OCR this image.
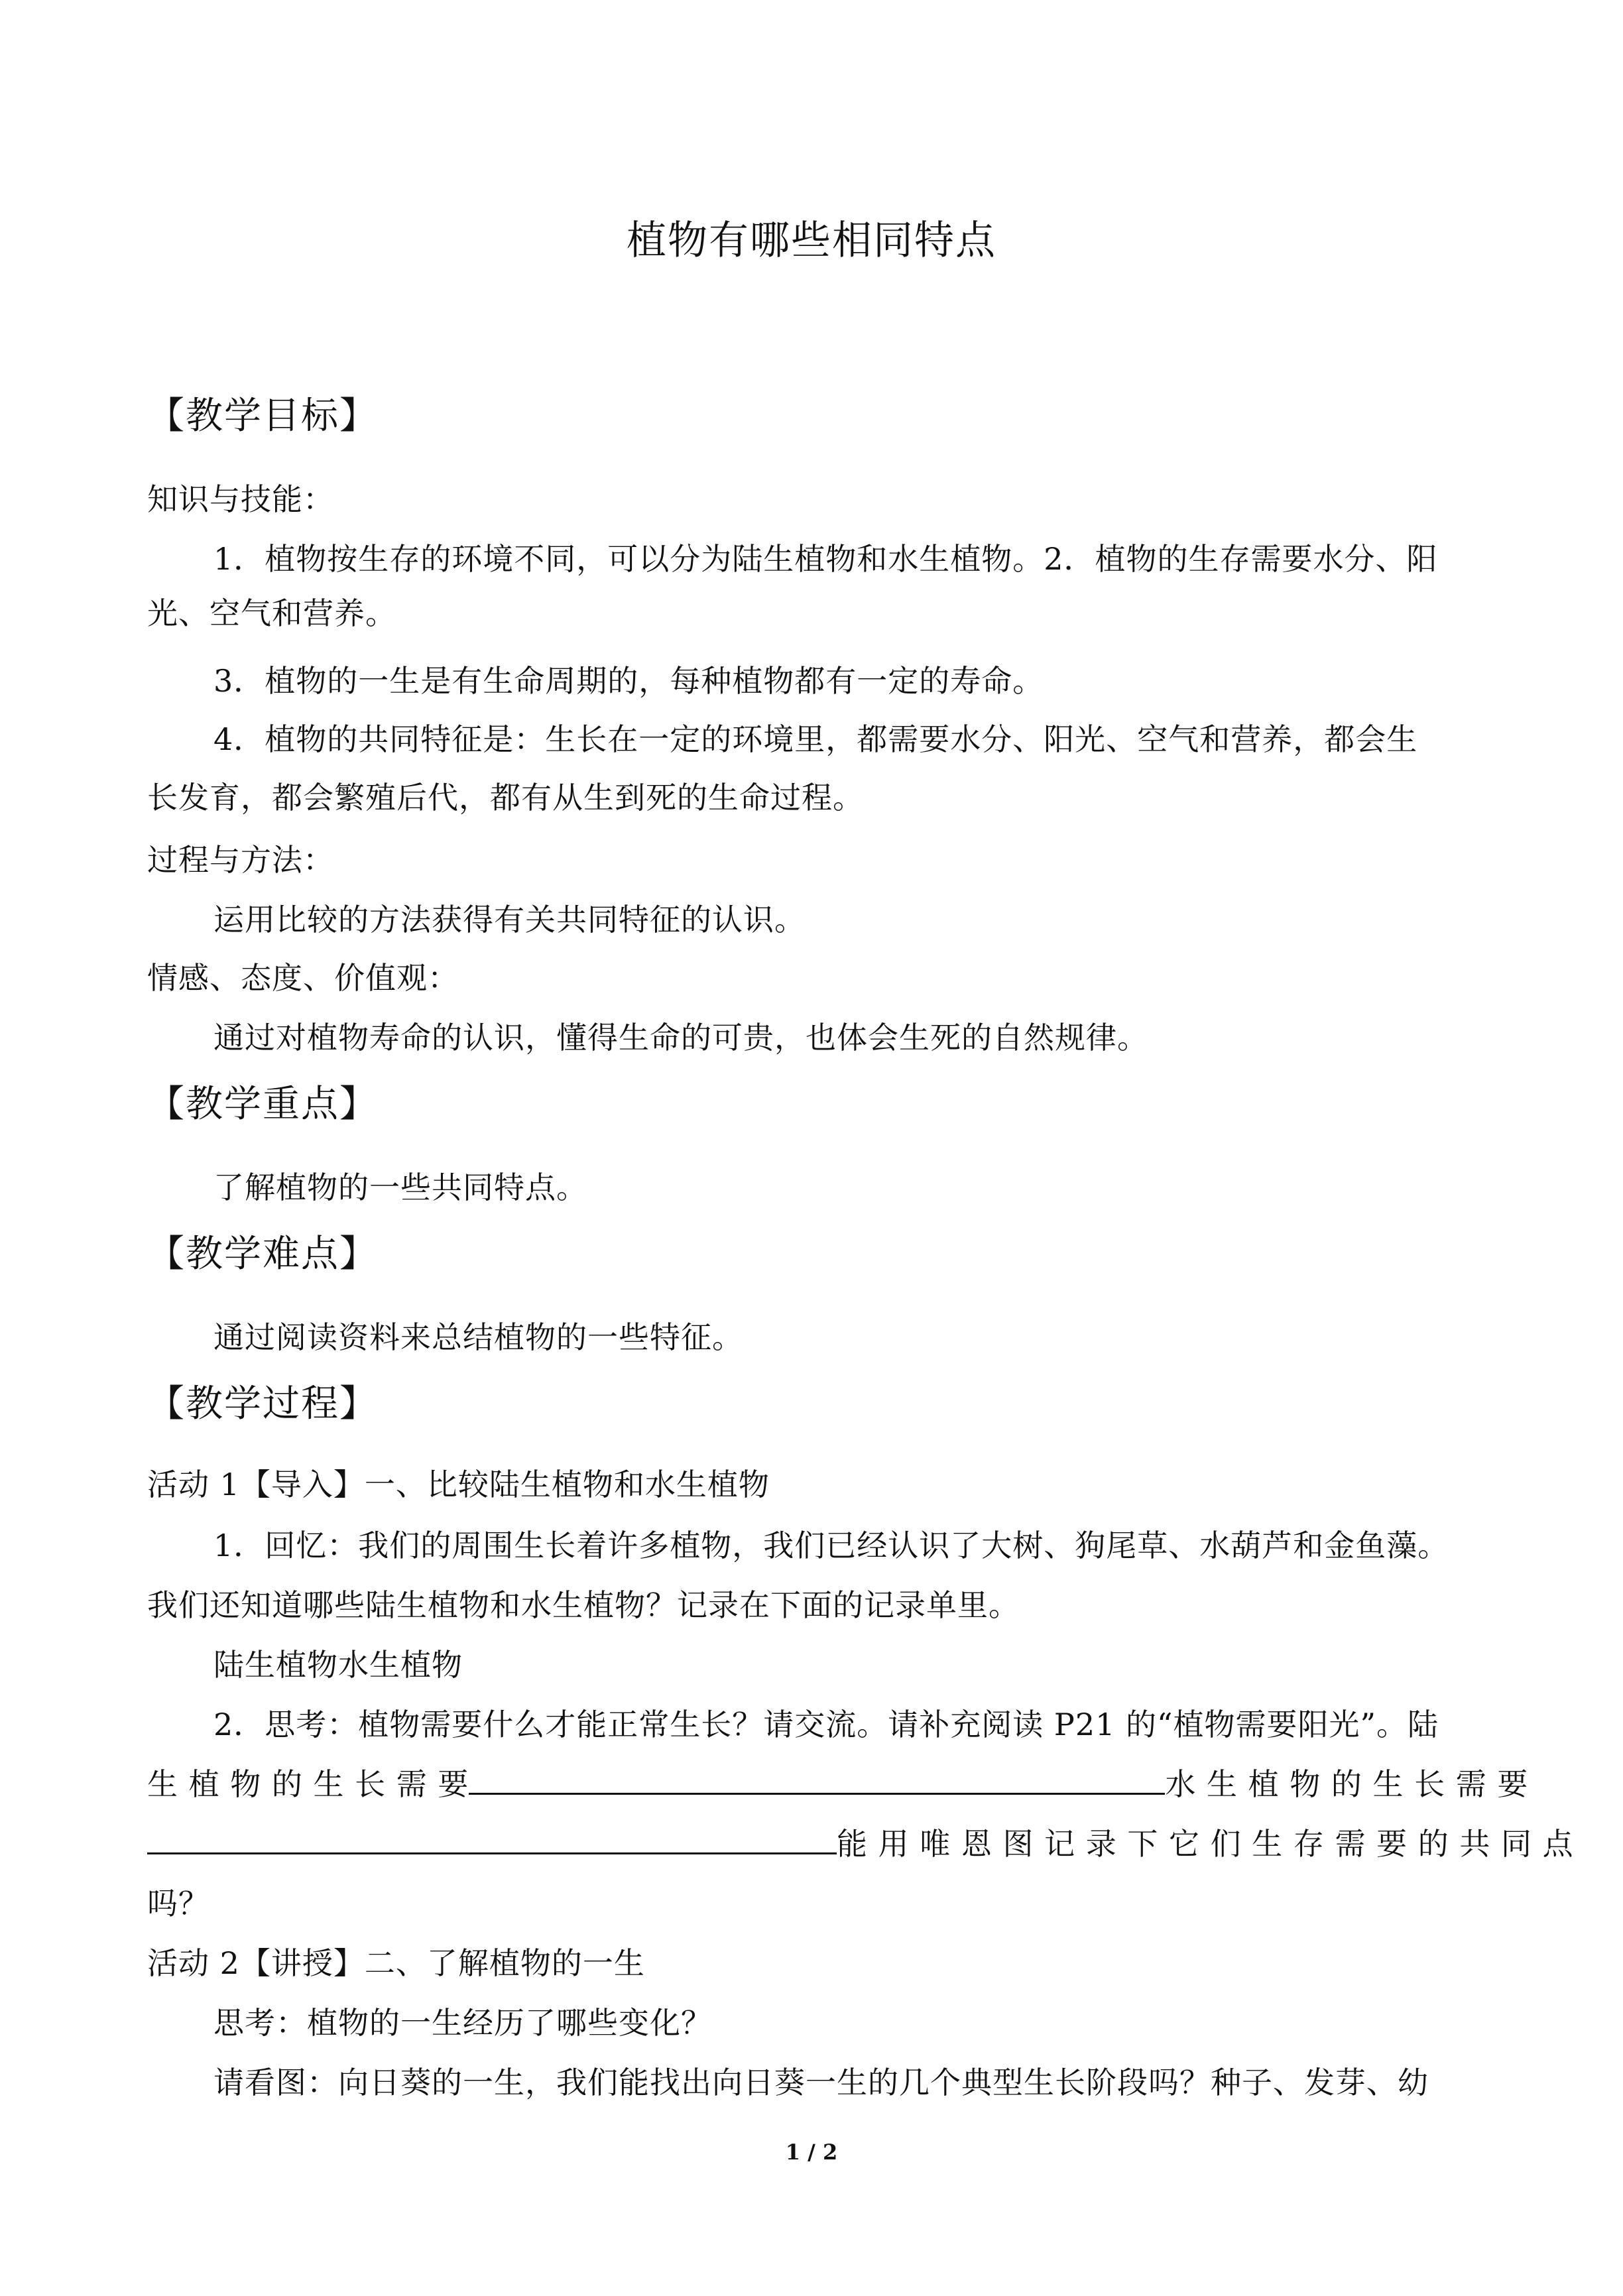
植物有哪些相同特点
【教学目标】
知识与技能：
1．植物按生存的环境不同，可以分为陆生植物和水生植物。2．植物的生存需要水分、阳
光、空气和营养。
3．植物的一生是有生命周期的，每种植物都有一定的寿命。
4．植物的共同特征是：生长在一定的环境里，都需要水分、阳光、空气和营养，都会生
长发育，都会繁殖后代，都有从生到死的生命过程。
过程与方法：
运用比较的方法获得有关共同特征的认识。
情感、态度、价值观：
通过对植物寿命的认识，懂得生命的可贵，也体会生死的自然规律。
【教学重点】
了解植物的一些共同特点。
【教学难点】
通过阅读资料来总结植物的一些特征。
【教学过程】
活动 1【导入】一、比较陆生植物和水生植物
1．回忆：我们的周围生长着许多植物，我们已经认识了大树、狗尾草、水葫芦和金鱼藻。
我们还知道哪些陆生植物和水生植物？记录在下面的记录单里。
陆生植物水生植物
2．思考：植物需要什么才能正常生长？请交流。请补充阅读 P21 的“植物需要阳光”。陆
生 植 物 的 生 长 需 要	水 生 植 物 的 生 长 需 要
能 用 唯 恩 图 记 录 下 它 们 生 存 需 要 的 共 同 点
吗？
活动 2【讲授】二、了解植物的一生
思考：植物的一生经历了哪些变化？
请看图：向日葵的一生，我们能找出向日葵一生的几个典型生长阶段吗？种子、发芽、幼
1 / 2
